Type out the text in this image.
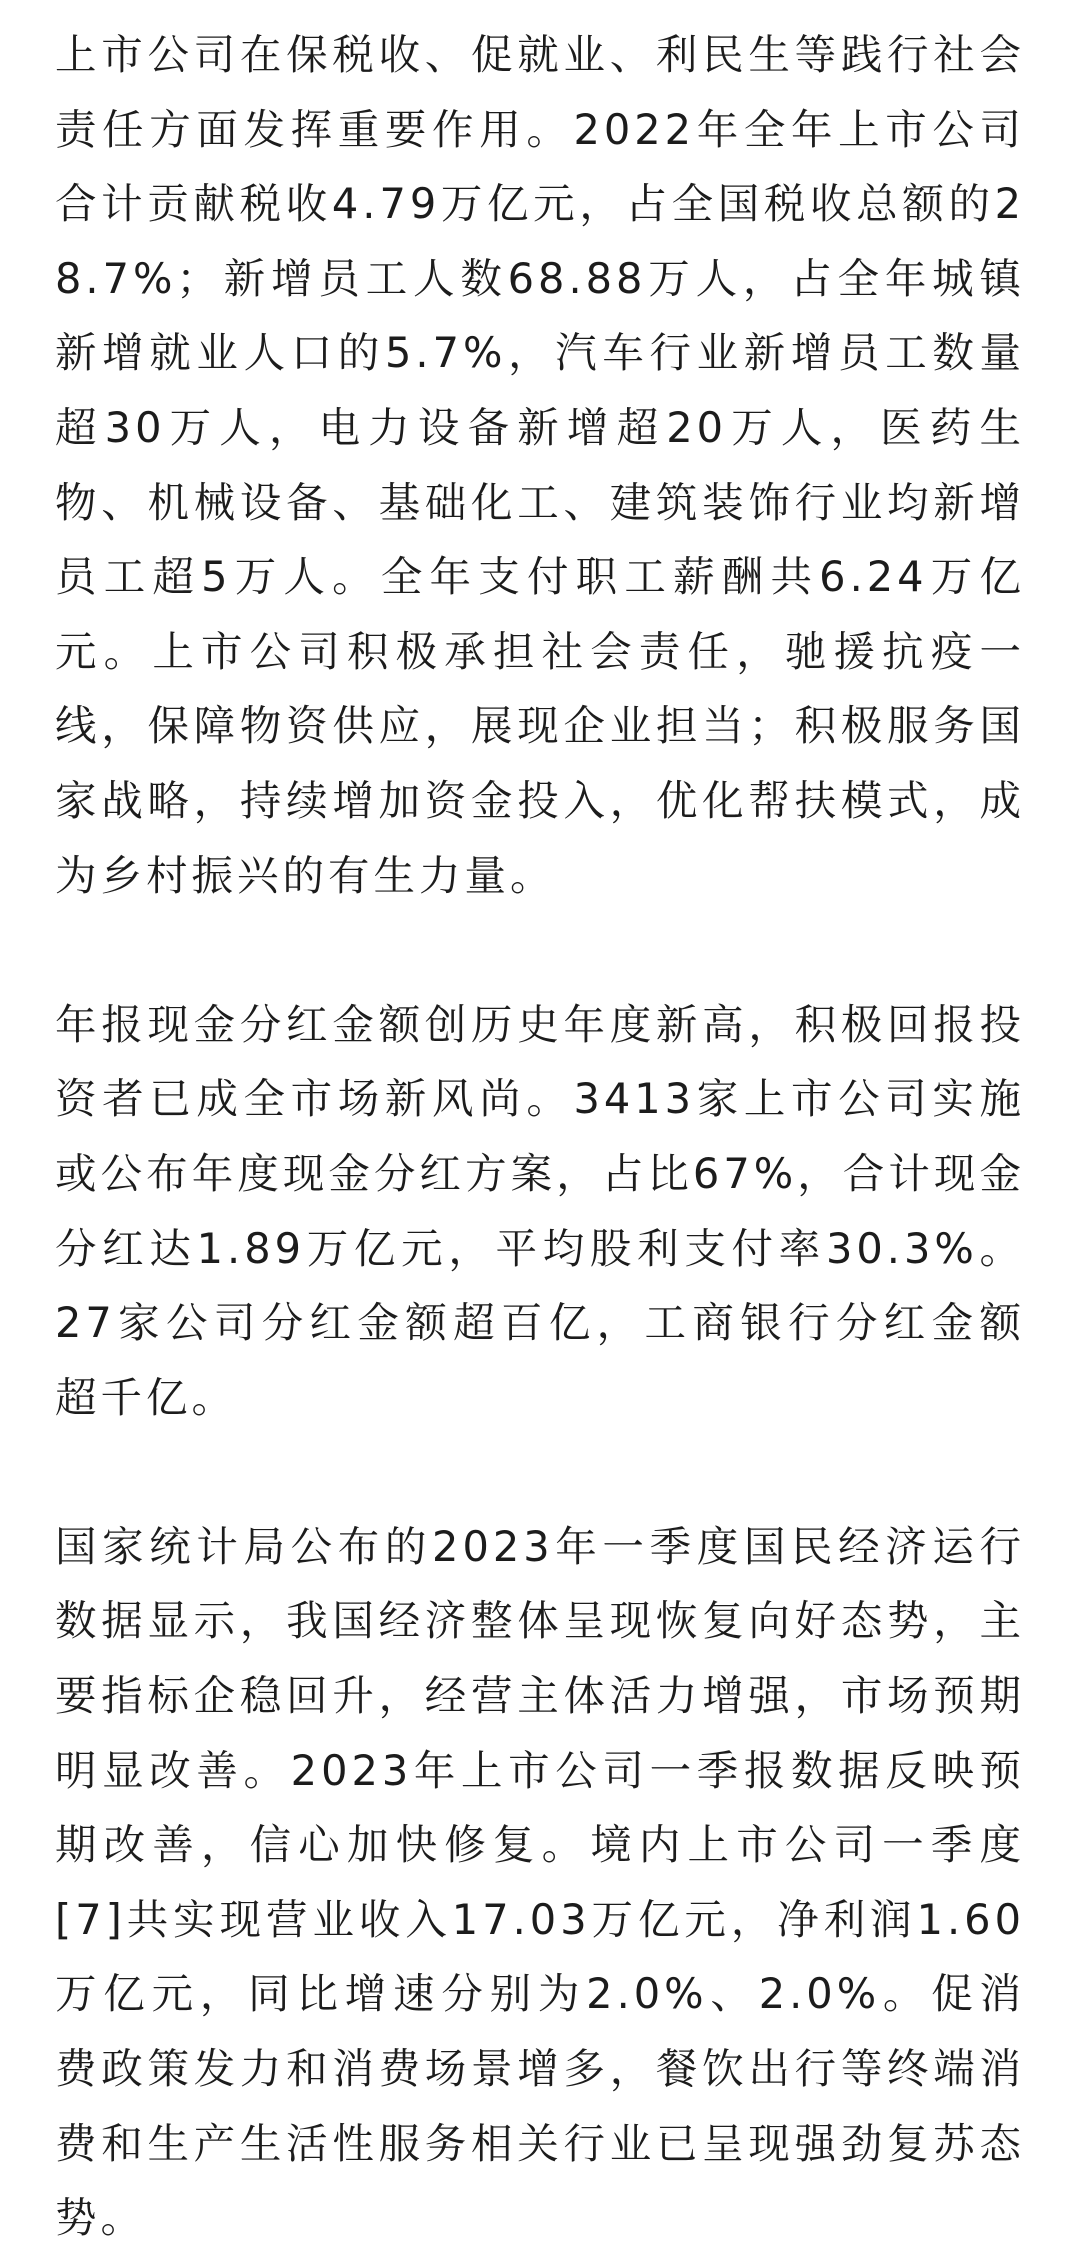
上市公司在保税收、促就业、利民生等践行社会责任方面发挥重要作用。2022年全年上市公司合计贡献税收4.79万亿元，占全国税收总额的28.7%；新增员工人数68.88万人，占全年城镇新增就业人口的5.7%，汽车行业新增员工数量超30万人，电力设备新增超20万人，医药生物、机械设备、基础化工、建筑装饰行业均新增员工超5万人。全年支付职工薪酬共6.24万亿元。上市公司积极承担社会责任，驰援抗疫一线，保障物资供应，展现企业担当；积极服务国家战略，持续增加资金投入，优化帮扶模式，成为乡村振兴的有生力量。

年报现金分红金额创历史年度新高，积极回报投资者已成全市场新风尚。3413家上市公司实施或公布年度现金分红方案，占比67%，合计现金分红达1.89万亿元，平均股利支付率30.3%。27家公司分红金额超百亿，工商银行分红金额超千亿。

国家统计局公布的2023年一季度国民经济运行数据显示，我国经济整体呈现恢复向好态势，主要指标企稳回升，经营主体活力增强，市场预期明显改善。2023年上市公司一季报数据反映预期改善，信心加快修复。境内上市公司一季度[7]共实现营业收入17.03万亿元，净利润1.60万亿元，同比增速分别为2.0%、2.0%。促消费政策发力和消费场景增多，餐饮出行等终端消费和生产生活性服务相关行业已呈现强劲复苏态势。
